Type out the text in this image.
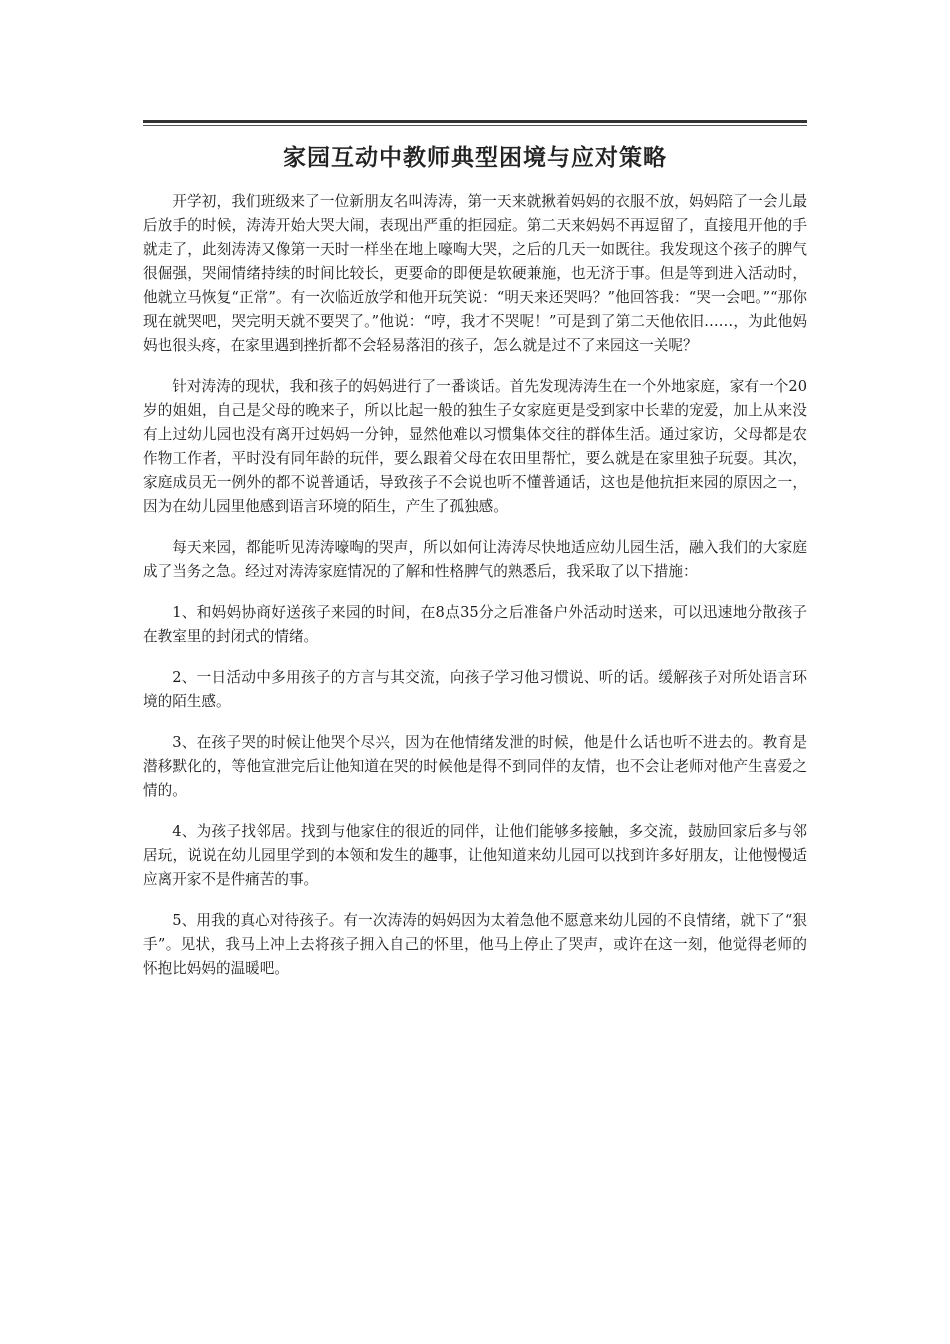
家园互动中教师典型困境与应对策略

开学初，我们班级来了一位新朋友名叫涛涛，第一天来就揪着妈妈的衣服不放，妈妈陪了一会儿最后放手的时候，涛涛开始大哭大闹，表现出严重的拒园症。第二天来妈妈不再逗留了，直接甩开他的手就走了，此刻涛涛又像第一天时一样坐在地上嚎啕大哭，之后的几天一如既往。我发现这个孩子的脾气很倔强，哭闹情绪持续的时间比较长，更要命的即便是软硬兼施，也无济于事。但是等到进入活动时，他就立马恢复“正常”。有一次临近放学和他开玩笑说：“明天来还哭吗？”他回答我：“哭一会吧。”“那你现在就哭吧，哭完明天就不要哭了。”他说：“哼，我才不哭呢！”可是到了第二天他依旧……，为此他妈妈也很头疼，在家里遇到挫折都不会轻易落泪的孩子，怎么就是过不了来园这一关呢？

针对涛涛的现状，我和孩子的妈妈进行了一番谈话。首先发现涛涛生在一个外地家庭，家有一个20岁的姐姐，自己是父母的晚来子，所以比起一般的独生子女家庭更是受到家中长辈的宠爱，加上从来没有上过幼儿园也没有离开过妈妈一分钟，显然他难以习惯集体交往的群体生活。通过家访，父母都是农作物工作者，平时没有同年龄的玩伴，要么跟着父母在农田里帮忙，要么就是在家里独子玩耍。其次，家庭成员无一例外的都不说普通话，导致孩子不会说也听不懂普通话，这也是他抗拒来园的原因之一，因为在幼儿园里他感到语言环境的陌生，产生了孤独感。

每天来园，都能听见涛涛嚎啕的哭声，所以如何让涛涛尽快地适应幼儿园生活，融入我们的大家庭成了当务之急。经过对涛涛家庭情况的了解和性格脾气的熟悉后，我采取了以下措施：

1、和妈妈协商好送孩子来园的时间，在8点35分之后准备户外活动时送来，可以迅速地分散孩子在教室里的封闭式的情绪。

2、一日活动中多用孩子的方言与其交流，向孩子学习他习惯说、听的话。缓解孩子对所处语言环境的陌生感。

3、在孩子哭的时候让他哭个尽兴，因为在他情绪发泄的时候，他是什么话也听不进去的。教育是潜移默化的，等他宣泄完后让他知道在哭的时候他是得不到同伴的友情，也不会让老师对他产生喜爱之情的。

4、为孩子找邻居。找到与他家住的很近的同伴，让他们能够多接触，多交流，鼓励回家后多与邻居玩，说说在幼儿园里学到的本领和发生的趣事，让他知道来幼儿园可以找到许多好朋友，让他慢慢适应离开家不是件痛苦的事。

5、用我的真心对待孩子。有一次涛涛的妈妈因为太着急他不愿意来幼儿园的不良情绪，就下了“狠手”。见状，我马上冲上去将孩子拥入自己的怀里，他马上停止了哭声，或许在这一刻，他觉得老师的怀抱比妈妈的温暖吧。
